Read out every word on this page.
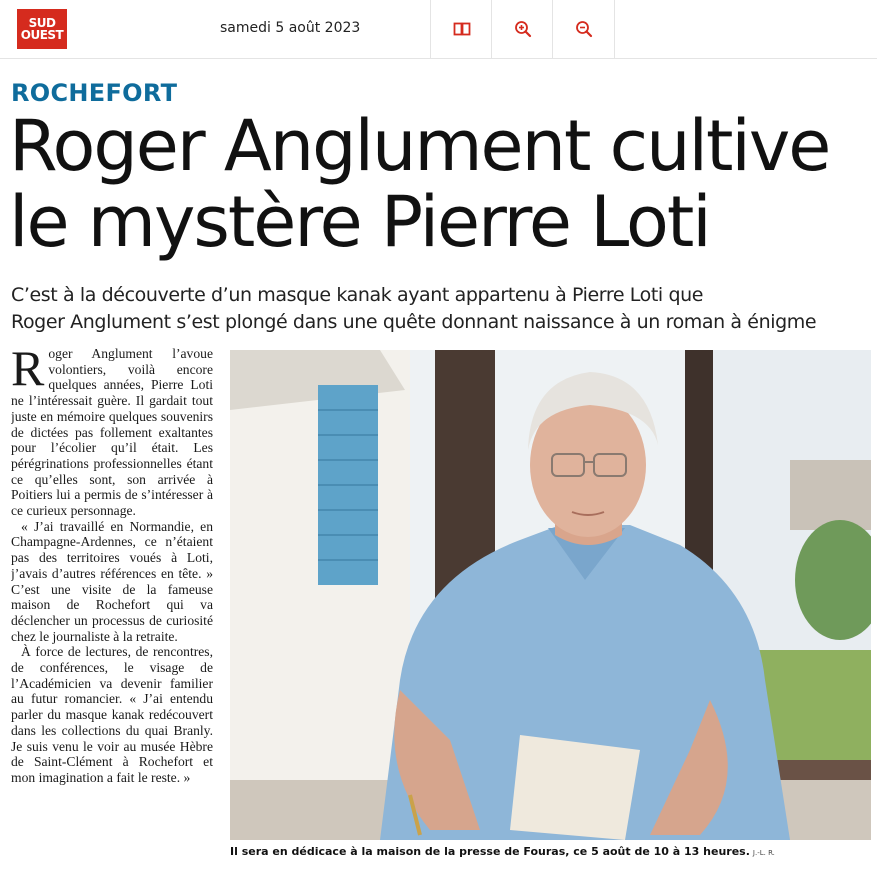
SUD
OUEST	samedi 5 août 2023
ROCHEFORT
Roger Anglument cultive
le mystère Pierre Loti
C’est à la découverte d’un masque kanak ayant appartenu à Pierre Loti que
Roger Anglument s’est plongé dans une quête donnant naissance à un roman à énigme

Roger Anglument l’avoue volontiers, voilà encore quelques années, Pierre Loti ne l’intéressait guère. Il gardait tout juste en mémoire quelques souvenirs de dictées pas follement exaltantes pour l’écolier qu’il était. Les pérégrinations professionnelles étant ce qu’elles sont, son arrivée à Poitiers lui a permis de s’intéresser à ce curieux personnage.

« J’ai travaillé en Normandie, en Champagne-Ardennes, ce n’étaient pas des territoires voués à Loti, j’avais d’autres références en tête. » C’est une visite de la fameuse maison de Rochefort qui va déclencher un processus de curiosité chez le journaliste à la retraite.

À force de lectures, de rencontres, de conférences, le visage de l’Académicien va devenir familier au futur romancier. « J’ai entendu parler du masque kanak redécouvert dans les collections du quai Branly. Je suis venu le voir au musée Hèbre de Saint-Clément à Rochefort et mon imagination a fait le reste. »

Il sera en dédicace à la maison de la presse de Fouras, ce 5 août de 10 à 13 heures. J.-L. R.
